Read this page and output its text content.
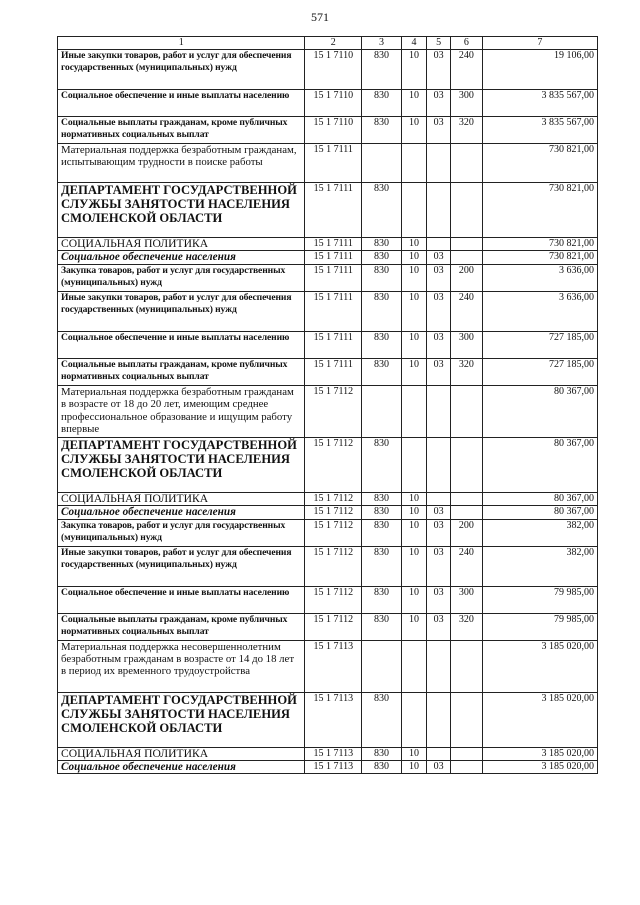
571
1	2	3	4	5	6	7
Иные закупки товаров, работ и услуг для обеспечения государственных (муниципальных) нужд	15 1 7110	830	10	03	240	19 106,00
Социальное обеспечение и иные выплаты населению	15 1 7110	830	10	03	300	3 835 567,00
Социальные выплаты гражданам, кроме публичных нормативных социальных выплат	15 1 7110	830	10	03	320	3 835 567,00
Материальная поддержка безработным гражданам, испытывающим трудности в поиске работы	15 1 7111					730 821,00
ДЕПАРТАМЕНТ ГОСУДАРСТВЕННОЙ СЛУЖБЫ ЗАНЯТОСТИ НАСЕЛЕНИЯ СМОЛЕНСКОЙ ОБЛАСТИ	15 1 7111	830				730 821,00
СОЦИАЛЬНАЯ ПОЛИТИКА	15 1 7111	830	10			730 821,00
Социальное обеспечение населения	15 1 7111	830	10	03		730 821,00
Закупка товаров, работ и услуг для государственных (муниципальных) нужд	15 1 7111	830	10	03	200	3 636,00
Иные закупки товаров, работ и услуг для обеспечения государственных (муниципальных) нужд	15 1 7111	830	10	03	240	3 636,00
Социальное обеспечение и иные выплаты населению	15 1 7111	830	10	03	300	727 185,00
Социальные выплаты гражданам, кроме публичных нормативных социальных выплат	15 1 7111	830	10	03	320	727 185,00
Материальная поддержка безработным гражданам в возрасте от 18 до 20 лет, имеющим среднее профессиональное образование и ищущим работу впервые	15 1 7112					80 367,00
ДЕПАРТАМЕНТ ГОСУДАРСТВЕННОЙ СЛУЖБЫ ЗАНЯТОСТИ НАСЕЛЕНИЯ СМОЛЕНСКОЙ ОБЛАСТИ	15 1 7112	830				80 367,00
СОЦИАЛЬНАЯ ПОЛИТИКА	15 1 7112	830	10			80 367,00
Социальное обеспечение населения	15 1 7112	830	10	03		80 367,00
Закупка товаров, работ и услуг для государственных (муниципальных) нужд	15 1 7112	830	10	03	200	382,00
Иные закупки товаров, работ и услуг для обеспечения государственных (муниципальных) нужд	15 1 7112	830	10	03	240	382,00
Социальное обеспечение и иные выплаты населению	15 1 7112	830	10	03	300	79 985,00
Социальные выплаты гражданам, кроме публичных нормативных социальных выплат	15 1 7112	830	10	03	320	79 985,00
Материальная поддержка несовершеннолетним безработным гражданам в возрасте от 14 до 18 лет в период их временного трудоустройства	15 1 7113					3 185 020,00
ДЕПАРТАМЕНТ ГОСУДАРСТВЕННОЙ СЛУЖБЫ ЗАНЯТОСТИ НАСЕЛЕНИЯ СМОЛЕНСКОЙ ОБЛАСТИ	15 1 7113	830				3 185 020,00
СОЦИАЛЬНАЯ ПОЛИТИКА	15 1 7113	830	10			3 185 020,00
Социальное обеспечение населения	15 1 7113	830	10	03		3 185 020,00
